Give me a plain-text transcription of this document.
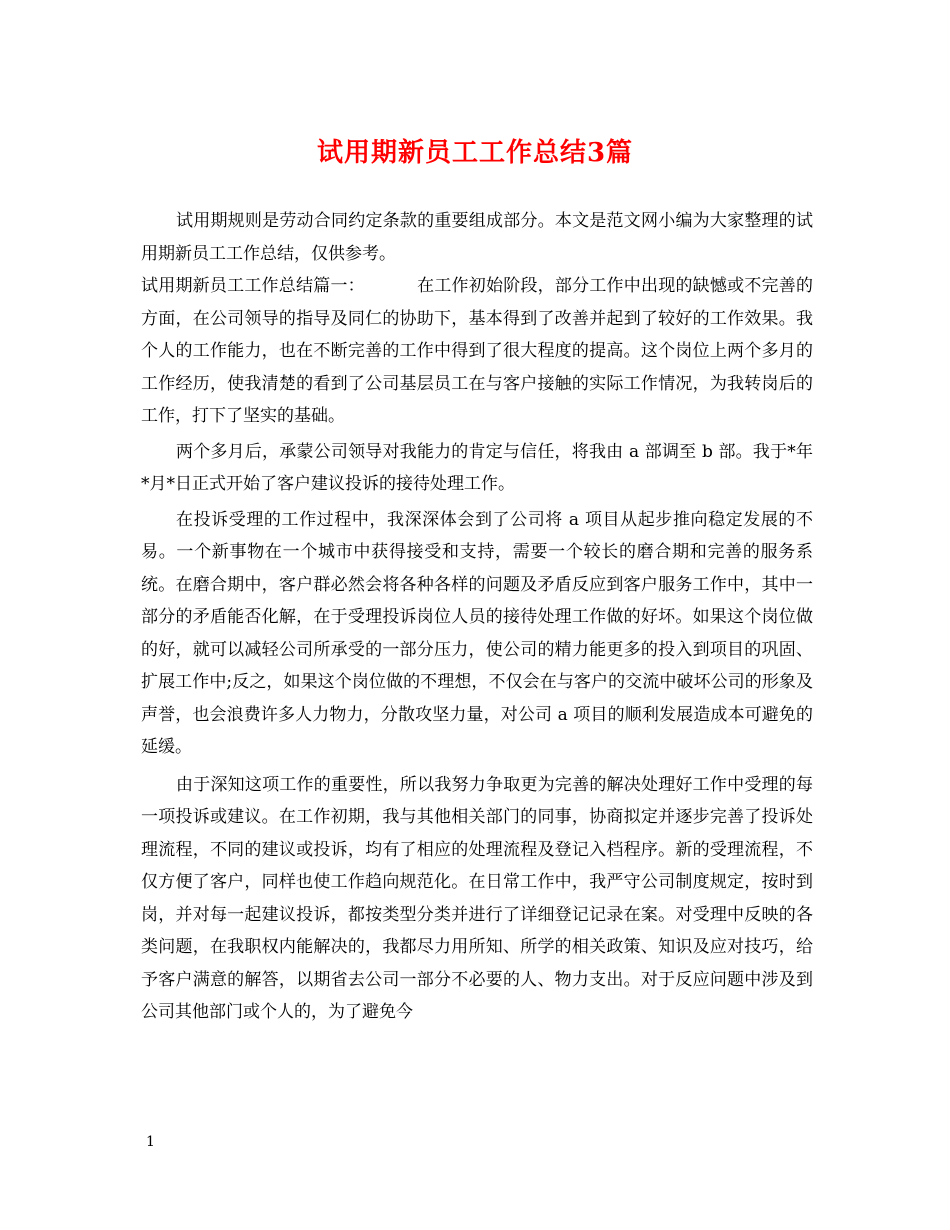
试用期新员工工作总结3篇

试用期规则是劳动合同约定条款的重要组成部分。本文是范文网小编为大家整理的试用期新员工工作总结，仅供参考。

试用期新员工工作总结篇一：	在工作初始阶段，部分工作中出现的缺憾或不完善的方面，在公司领导的指导及同仁的协助下，基本得到了改善并起到了较好的工作效果。我个人的工作能力，也在不断完善的工作中得到了很大程度的提高。这个岗位上两个多月的工作经历，使我清楚的看到了公司基层员工在与客户接触的实际工作情况，为我转岗后的工作，打下了坚实的基础。

两个多月后，承蒙公司领导对我能力的肯定与信任，将我由 a 部调至 b 部。我于*年*月*日正式开始了客户建议投诉的接待处理工作。

在投诉受理的工作过程中，我深深体会到了公司将 a 项目从起步推向稳定发展的不易。一个新事物在一个城市中获得接受和支持，需要一个较长的磨合期和完善的服务系统。在磨合期中，客户群必然会将各种各样的问题及矛盾反应到客户服务工作中，其中一部分的矛盾能否化解，在于受理投诉岗位人员的接待处理工作做的好坏。如果这个岗位做的好，就可以减轻公司所承受的一部分压力，使公司的精力能更多的投入到项目的巩固、扩展工作中;反之，如果这个岗位做的不理想，不仅会在与客户的交流中破坏公司的形象及声誉，也会浪费许多人力物力，分散攻坚力量，对公司 a 项目的顺利发展造成本可避免的延缓。

由于深知这项工作的重要性，所以我努力争取更为完善的解决处理好工作中受理的每一项投诉或建议。在工作初期，我与其他相关部门的同事，协商拟定并逐步完善了投诉处理流程，不同的建议或投诉，均有了相应的处理流程及登记入档程序。新的受理流程，不仅方便了客户，同样也使工作趋向规范化。在日常工作中，我严守公司制度规定，按时到岗，并对每一起建议投诉，都按类型分类并进行了详细登记记录在案。对受理中反映的各类问题，在我职权内能解决的，我都尽力用所知、所学的相关政策、知识及应对技巧，给予客户满意的解答，以期省去公司一部分不必要的人、物力支出。对于反应问题中涉及到公司其他部门或个人的，为了避免今

1
